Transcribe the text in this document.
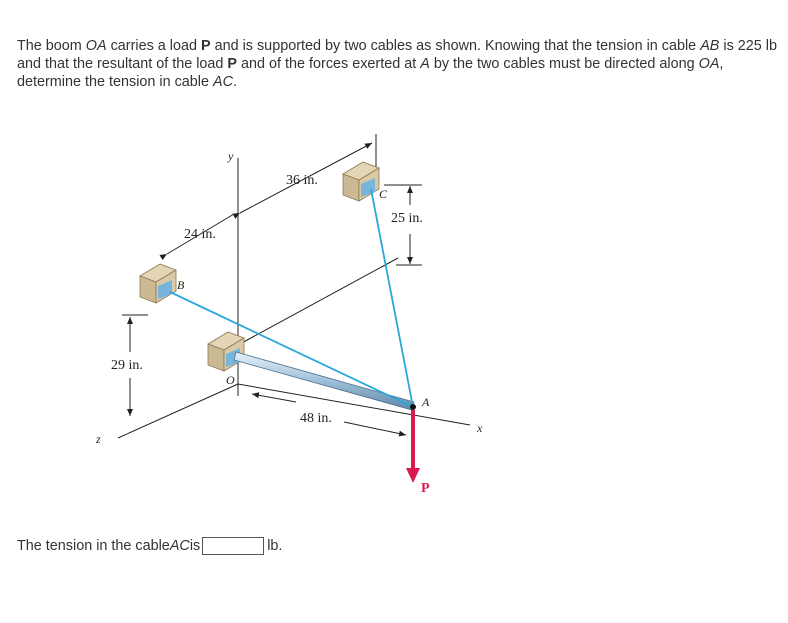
The boom OA carries a load P and is supported by two cables as shown. Knowing that the tension in cable AB is 225 lb and that the resultant of the load P and of the forces exerted at A by the two cables must be directed along OA, determine the tension in cable AC.

y
x
z
36 in.
24 in.
25 in.
29 in.
48 in.
B
C
O
A
P
The tension in the cable AC is	lb.
